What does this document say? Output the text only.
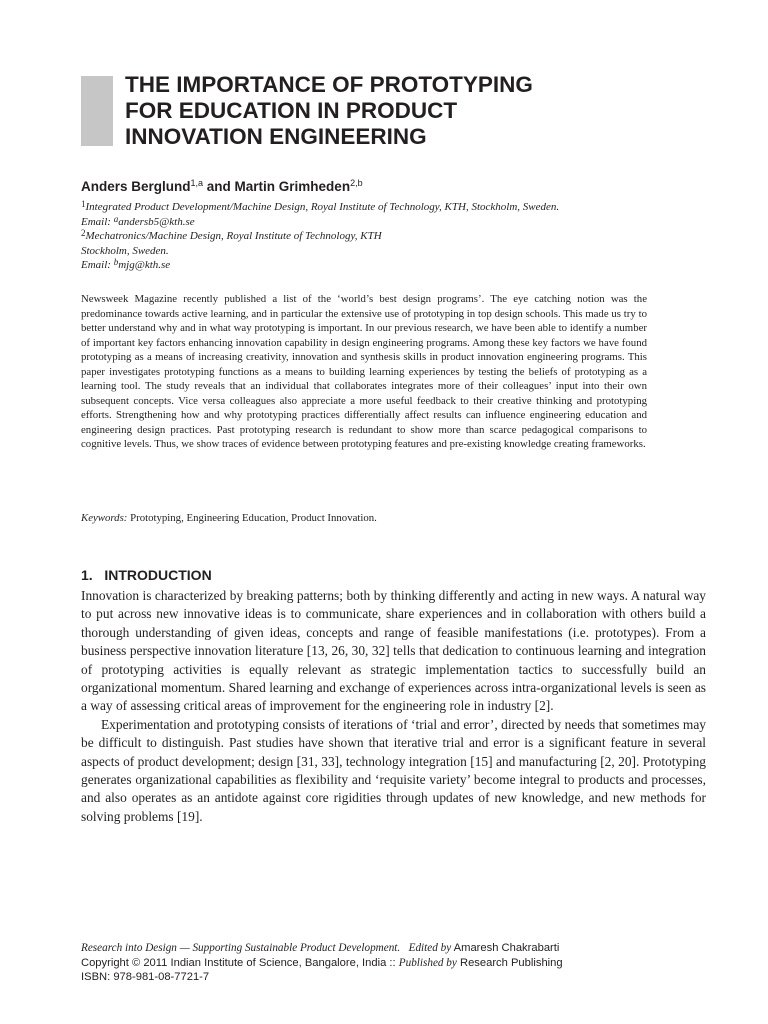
THE IMPORTANCE OF PROTOTYPING
FOR EDUCATION IN PRODUCT
INNOVATION ENGINEERING

Anders Berglund$^{1,a}$ and Martin Grimheden$^{2,b}$

$^1$Integrated Product Development/Machine Design, Royal Institute of Technology, KTH, Stockholm, Sweden.
Email: $^a$andersb5@kth.se
$^2$Mechatronics/Machine Design, Royal Institute of Technology, KTH
Stockholm, Sweden.
Email: $^b$mjg@kth.se

Newsweek Magazine recently published a list of the ‘world’s best design programs’. The eye catching notion was the predominance towards active learning, and in particular the extensive use of prototyping in top design schools. This made us try to better understand why and in what way prototyping is important. In our previous research, we have been able to identify a number of important key factors enhancing innovation capability in design engineering programs. Among these key factors we have found prototyping as a means of increasing creativity, innovation and synthesis skills in product innovation engineering programs. This paper investigates prototyping functions as a means to building learning experiences by testing the beliefs of prototyping as a learning tool. The study reveals that an individual that collaborates integrates more of their colleagues’ input into their own subsequent concepts. Vice versa colleagues also appreciate a more useful feedback to their creative thinking and prototyping efforts. Strengthening how and why prototyping practices differentially affect results can influence engineering education and engineering design practices. Past prototyping research is redundant to show more than scarce pedagogical comparisons to cognitive levels. Thus, we show traces of evidence between prototyping features and pre-existing knowledge creating frameworks.

Keywords: Prototyping, Engineering Education, Product Innovation.

1. INTRODUCTION

Innovation is characterized by breaking patterns; both by thinking differently and acting in new ways. A natural way to put across new innovative ideas is to communicate, share experiences and in collaboration with others build a thorough understanding of given ideas, concepts and range of feasible manifestations (i.e. prototypes). From a business perspective innovation literature [13, 26, 30, 32] tells that dedication to continuous learning and integration of prototyping activities is equally relevant as strategic implementation tactics to successfully build an organizational momentum. Shared learning and exchange of experiences across intra-organizational levels is seen as a way of assessing critical areas of improvement for the engineering role in industry [2].

Experimentation and prototyping consists of iterations of ‘trial and error’, directed by needs that sometimes may be difficult to distinguish. Past studies have shown that iterative trial and error is a significant feature in several aspects of product development; design [31, 33], technology integration [15] and manufacturing [2, 20]. Prototyping generates organizational capabilities as flexibility and ‘requisite variety’ become integral to products and processes, and also operates as an antidote against core rigidities through updates of new knowledge, and new methods for solving problems [19].

Research into Design — Supporting Sustainable Product Development. Edited by Amaresh Chakrabarti
Copyright © 2011 Indian Institute of Science, Bangalore, India :: Published by Research Publishing
ISBN: 978-981-08-7721-7
